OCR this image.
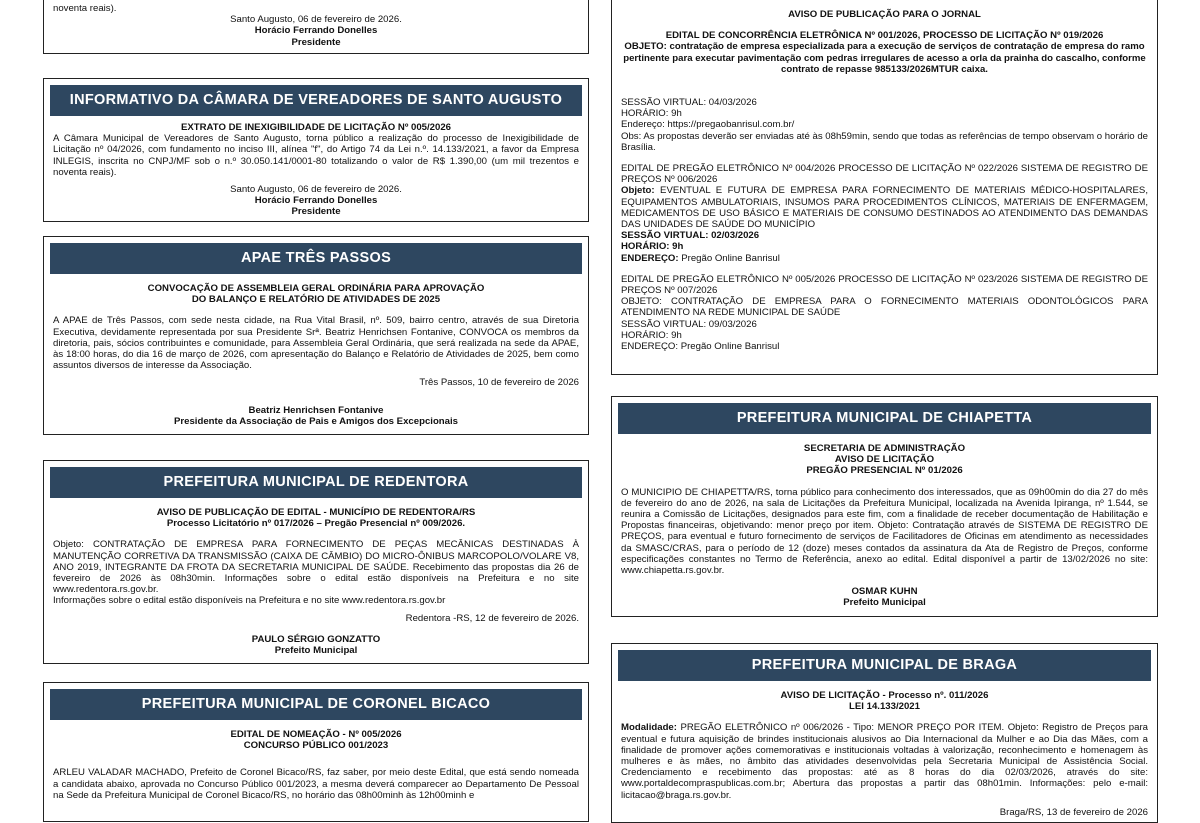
noventa reais).
Santo Augusto, 06 de fevereiro de 2026.
Horácio Ferrando Donelles
Presidente
INFORMATIVO DA CÂMARA DE VEREADORES DE SANTO AUGUSTO
EXTRATO DE INEXIGIBILIDADE DE LICITAÇÃO Nº 005/2026
A Câmara Municipal de Vereadores de Santo Augusto, torna público a realização do processo de Inexigibilidade de Licitação nº 04/2026, com fundamento no inciso III, alínea "f", do Artigo 74 da Lei n.º. 14.133/2021, a favor da Empresa INLEGIS, inscrita no CNPJ/MF sob o n.º 30.050.141/0001-80 totalizando o valor de R$ 1.390,00 (um mil trezentos e noventa reais).
Santo Augusto, 06 de fevereiro de 2026.
Horácio Ferrando Donelles
Presidente
APAE TRÊS PASSOS
CONVOCAÇÃO DE ASSEMBLEIA GERAL ORDINÁRIA PARA APROVAÇÃO
DO BALANÇO E RELATÓRIO DE ATIVIDADES DE 2025
A APAE de Três Passos, com sede nesta cidade, na Rua Vital Brasil, nº. 509, bairro centro, através de sua Diretoria Executiva, devidamente representada por sua Presidente Srª. Beatriz Henrichsen Fontanive, CONVOCA os membros da diretoria, pais, sócios contribuintes e comunidade, para Assembleia Geral Ordinária, que será realizada na sede da APAE, às 18:00 horas, do dia 16 de março de 2026, com apresentação do Balanço e Relatório de Atividades de 2025, bem como assuntos diversos de interesse da Associação.
Três Passos, 10 de fevereiro de 2026
Beatriz Henrichsen Fontanive
Presidente da Associação de Pais e Amigos dos Excepcionais
PREFEITURA MUNICIPAL DE REDENTORA
AVISO DE PUBLICAÇÃO DE EDITAL - MUNICÍPIO DE REDENTORA/RS
Processo Licitatório nº 017/2026 – Pregão Presencial nº 009/2026.
Objeto: CONTRATAÇÃO DE EMPRESA PARA FORNECIMENTO DE PEÇAS MECÂNICAS DESTINADAS À MANUTENÇÃO CORRETIVA DA TRANSMISSÃO (CAIXA DE CÂMBIO) DO MICRO-ÔNIBUS MARCOPOLO/VOLARE V8, ANO 2019, INTEGRANTE DA FROTA DA SECRETARIA MUNICIPAL DE SAÚDE. Recebimento das propostas dia 26 de fevereiro de 2026 às 08h30min. Informações sobre o edital estão disponíveis na Prefeitura e no site www.redentora.rs.gov.br.
Informações sobre o edital estão disponíveis na Prefeitura e no site www.redentora.rs.gov.br
Redentora -RS, 12 de fevereiro de 2026.
PAULO SÉRGIO GONZATTO
Prefeito Municipal
PREFEITURA MUNICIPAL DE CORONEL BICACO
EDITAL DE NOMEAÇÃO - Nº 005/2026
CONCURSO PÚBLICO 001/2023
ARLEU VALADAR MACHADO, Prefeito de Coronel Bicaco/RS, faz saber, por meio deste Edital, que está sendo nomeada a candidata abaixo, aprovada no Concurso Público 001/2023, a mesma deverá comparecer ao Departamento De Pessoal na Sede da Prefeitura Municipal de Coronel Bicaco/RS, no horário das 08h00minh às 12h00minh e
AVISO DE PUBLICAÇÃO PARA O JORNAL
EDITAL DE CONCORRÊNCIA ELETRÔNICA Nº 001/2026, PROCESSO DE LICITAÇÃO Nº 019/2026
OBJETO: contratação de empresa especializada para a execução de serviços de contratação de empresa do ramo pertinente para executar pavimentação com pedras irregulares de acesso a orla da prainha do cascalho, conforme contrato de repasse 985133/2026MTUR caixa.
SESSÃO VIRTUAL: 04/03/2026
HORÁRIO: 9h
Endereço: https://pregaobanrisul.com.br/
Obs: As propostas deverão ser enviadas até às 08h59min, sendo que todas as referências de tempo observam o horário de Brasília.
EDITAL DE PREGÃO ELETRÔNICO Nº 004/2026 PROCESSO DE LICITAÇÃO Nº 022/2026 SISTEMA DE REGISTRO DE PREÇOS Nº 006/2026
Objeto: EVENTUAL E FUTURA DE EMPRESA PARA FORNECIMENTO DE MATERIAIS MÉDICO-HOSPITALARES, EQUIPAMENTOS AMBULATORIAIS, INSUMOS PARA PROCEDIMENTOS CLÍNICOS, MATERIAIS DE ENFERMAGEM, MEDICAMENTOS DE USO BÁSICO E MATERIAIS DE CONSUMO DESTINADOS AO ATENDIMENTO DAS DEMANDAS DAS UNIDADES DE SAÚDE DO MUNICÍPIO
SESSÃO VIRTUAL: 02/03/2026
HORÁRIO: 9h
ENDEREÇO: Pregão Online Banrisul
EDITAL DE PREGÃO ELETRÔNICO Nº 005/2026 PROCESSO DE LICITAÇÃO Nº 023/2026 SISTEMA DE REGISTRO DE PREÇOS Nº 007/2026
OBJETO: CONTRATAÇÃO DE EMPRESA PARA O FORNECIMENTO MATERIAIS ODONTOLÓGICOS PARA ATENDIMENTO NA REDE MUNICIPAL DE SAÚDE
SESSÃO VIRTUAL: 09/03/2026
HORÁRIO: 9h
ENDEREÇO: Pregão Online Banrisul
PREFEITURA MUNICIPAL DE CHIAPETTA
SECRETARIA DE ADMINISTRAÇÃO
AVISO DE LICITAÇÃO
PREGÃO PRESENCIAL Nº 01/2026
O MUNICIPIO DE CHIAPETTA/RS, torna público para conhecimento dos interessados, que as 09h00min do dia 27 do mês de fevereiro do ano de 2026, na sala de Licitações da Prefeitura Municipal, localizada na Avenida Ipiranga, nº 1.544, se reunira a Comissão de Licitações, designados para este fim, com a finalidade de receber documentação de Habilitação e Propostas financeiras, objetivando: menor preço por item. Objeto: Contratação através de SISTEMA DE REGISTRO DE PREÇOS, para eventual e futuro fornecimento de serviços de Facilitadores de Oficinas em atendimento as necessidades da SMASC/CRAS, para o período de 12 (doze) meses contados da assinatura da Ata de Registro de Preços, conforme especificações constantes no Termo de Referência, anexo ao edital. Edital disponível a partir de 13/02/2026 no site: www.chiapetta.rs.gov.br.
OSMAR KUHN
Prefeito Municipal
PREFEITURA MUNICIPAL DE BRAGA
AVISO DE LICITAÇÃO - Processo nº. 011/2026
LEI 14.133/2021
Modalidade: PREGÃO ELETRÔNICO nº 006/2026 - Tipo: MENOR PREÇO POR ITEM. Objeto: Registro de Preços para eventual e futura aquisição de brindes institucionais alusivos ao Dia Internacional da Mulher e ao Dia das Mães, com a finalidade de promover ações comemorativas e institucionais voltadas à valorização, reconhecimento e homenagem às mulheres e às mães, no âmbito das atividades desenvolvidas pela Secretaria Municipal de Assistência Social. Credenciamento e recebimento das propostas: até as 8 horas do dia 02/03/2026, através do site: www.portaldecompraspublicas.com.br; Abertura das propostas a partir das 08h01min. Informações: pelo e-mail: licitacao@braga.rs.gov.br.
Braga/RS, 13 de fevereiro de 2026
